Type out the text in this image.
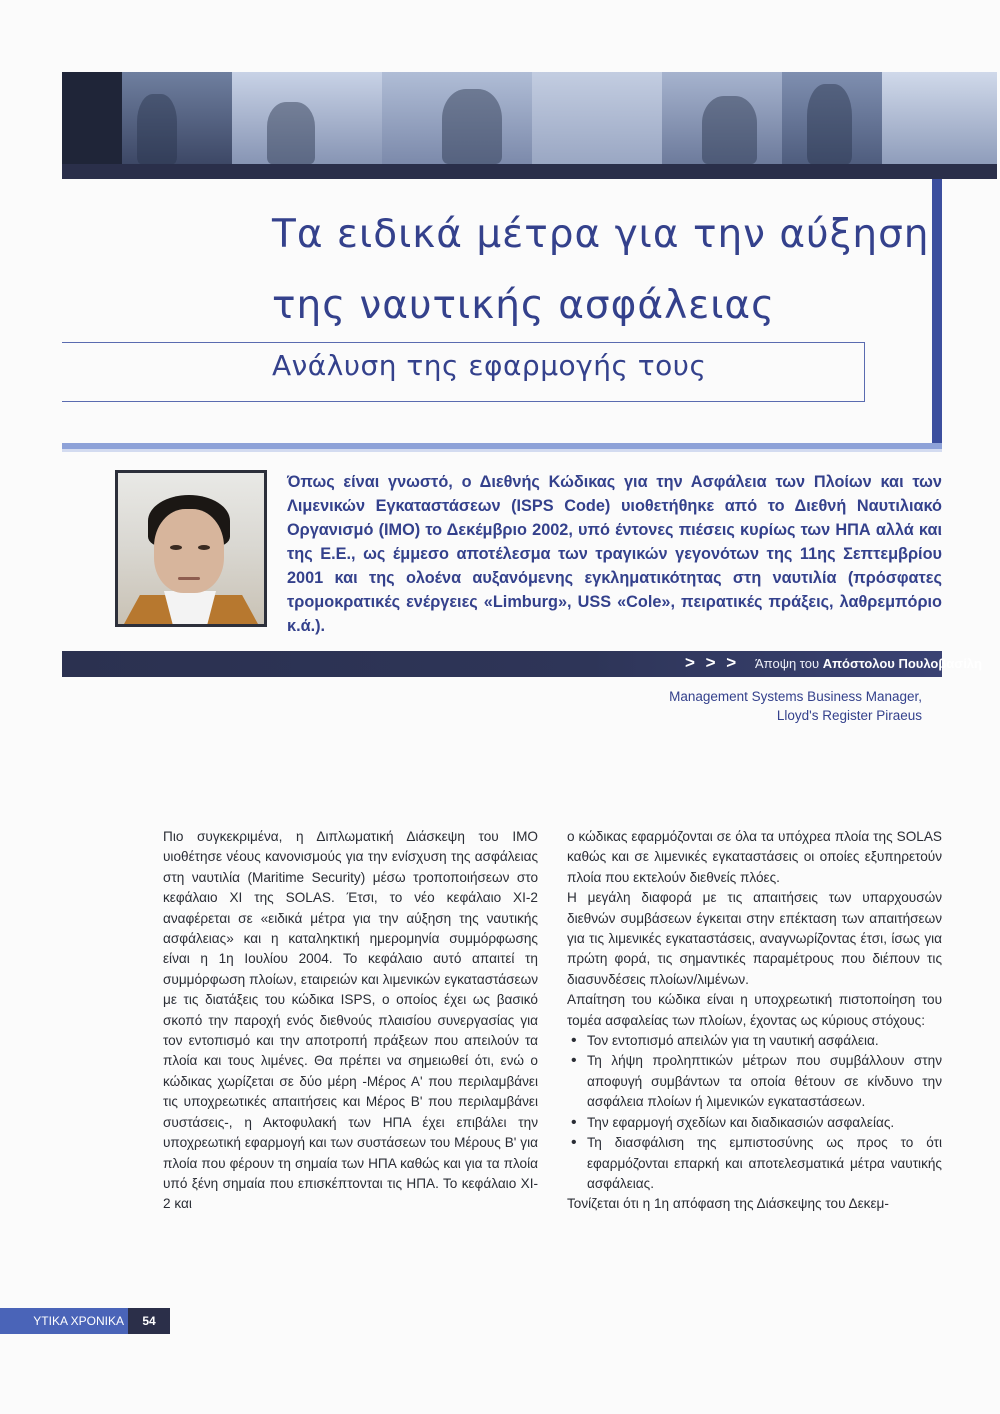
Τα ειδικά μέτρα για την αύξηση
της ναυτικής ασφάλειας
Ανάλυση της εφαρμογής τους

Όπως είναι γνωστό, ο Διεθνής Κώδικας για την Ασφάλεια των Πλοίων και των Λιμενικών Εγκαταστάσεων (ISPS Code) υιοθετήθηκε από το Διεθνή Ναυτιλιακό Οργανισμό (ΙΜΟ) το Δεκέμβριο 2002, υπό έντονες πιέσεις κυρίως των ΗΠΑ αλλά και της Ε.Ε., ως έμμεσο αποτέλεσμα των τραγικών γεγονότων της 11ης Σεπτεμβρίου 2001 και της ολοένα αυξανόμενης εγκληματικότητας στη ναυτιλία (πρόσφατες τρομοκρατικές ενέργειες «Limburg», USS «Cole», πειρατικές πράξεις, λαθρεμπόριο κ.ά.).

> > > Άποψη του Απόστολου Πουλοβασίλη
Management Systems Business Manager,
Lloyd's Register Piraeus

Πιο συγκεκριμένα, η Διπλωματική Διάσκεψη του ΙΜΟ υιοθέτησε νέους κανονισμούς για την ενίσχυση της ασφάλειας στη ναυτιλία (Maritime Security) μέσω τροποποιήσεων στο κεφάλαιο XI της SOLAS. Έτσι, το νέο κεφάλαιο XI-2 αναφέρεται σε «ειδικά μέτρα για την αύξηση της ναυτικής ασφάλειας» και η καταληκτική ημερομηνία συμμόρφωσης είναι η 1η Ιουλίου 2004. Το κεφάλαιο αυτό απαιτεί τη συμμόρφωση πλοίων, εταιρειών και λιμενικών εγκαταστάσεων με τις διατάξεις του κώδικα ISPS, ο οποίος έχει ως βασικό σκοπό την παροχή ενός διεθνούς πλαισίου συνεργασίας για τον εντοπισμό και την αποτροπή πράξεων που απειλούν τα πλοία και τους λιμένες. Θα πρέπει να σημειωθεί ότι, ενώ ο κώδικας χωρίζεται σε δύο μέρη -Μέρος Α' που περιλαμβάνει τις υποχρεωτικές απαιτήσεις και Μέρος Β' που περιλαμβάνει συστάσεις-, η Ακτοφυλακή των ΗΠΑ έχει επιβάλει την υποχρεωτική εφαρμογή και των συστάσεων του Μέρους Β' για πλοία που φέρουν τη σημαία των ΗΠΑ καθώς και για τα πλοία υπό ξένη σημαία που επισκέπτονται τις ΗΠΑ. Το κεφάλαιο XI-2 και

ο κώδικας εφαρμόζονται σε όλα τα υπόχρεα πλοία της SOLAS καθώς και σε λιμενικές εγκαταστάσεις οι οποίες εξυπηρετούν πλοία που εκτελούν διεθνείς πλόες.

Η μεγάλη διαφορά με τις απαιτήσεις των υπαρχουσών διεθνών συμβάσεων έγκειται στην επέκταση των απαιτήσεων για τις λιμενικές εγκαταστάσεις, αναγνωρίζοντας έτσι, ίσως για πρώτη φορά, τις σημαντικές παραμέτρους που διέπουν τις διασυνδέσεις πλοίων/λιμένων.

Απαίτηση του κώδικα είναι η υποχρεωτική πιστοποίηση του τομέα ασφαλείας των πλοίων, έχοντας ως κύριους στόχους:

• Τον εντοπισμό απειλών για τη ναυτική ασφάλεια.
• Τη λήψη προληπτικών μέτρων που συμβάλλουν στην αποφυγή συμβάντων τα οποία θέτουν σε κίνδυνο την ασφάλεια πλοίων ή λιμενικών εγκαταστάσεων.
• Την εφαρμογή σχεδίων και διαδικασιών ασφαλείας.
• Τη διασφάλιση της εμπιστοσύνης ως προς το ότι εφαρμόζονται επαρκή και αποτελεσματικά μέτρα ναυτικής ασφάλειας.

Τονίζεται ότι η 1η απόφαση της Διάσκεψης του Δεκεμ-

ΥΤΙΚΑ ΧΡΟΝΙΚΑ	54
